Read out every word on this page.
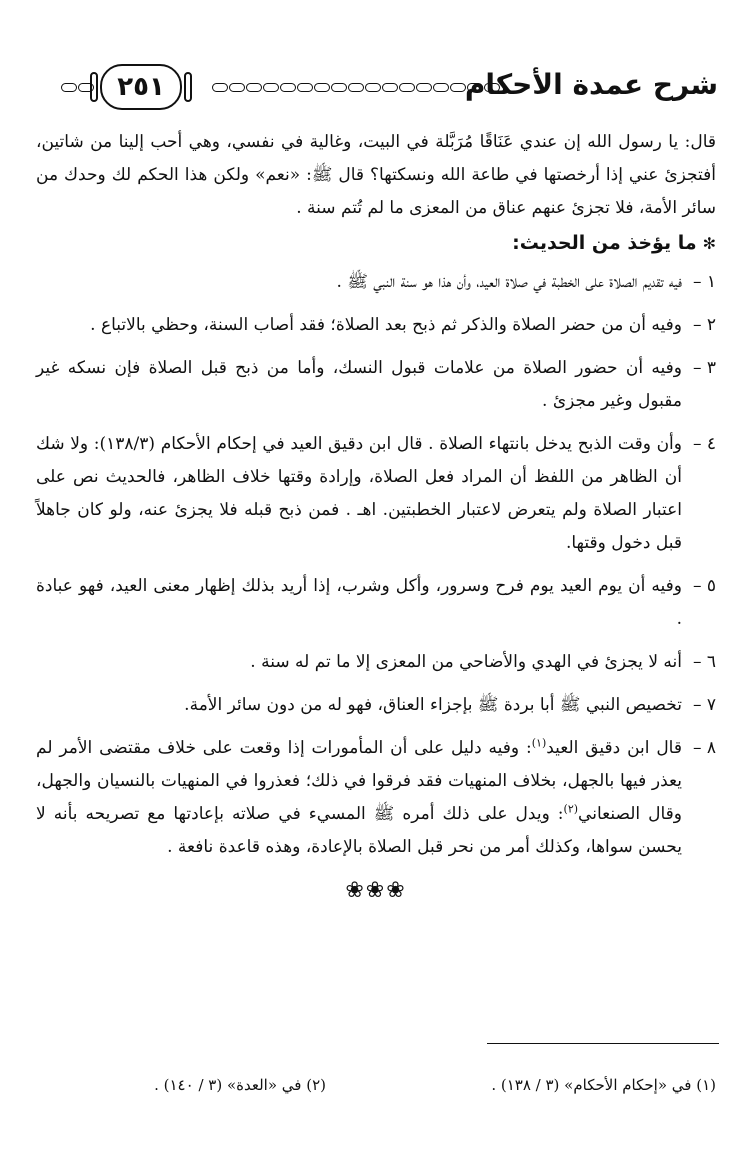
شرح عمدة الأحكام
٢٥١

قال: يا رسول الله إن عندي عَنَاقًا مُرَبَّلة في البيت، وغالية في نفسي، وهي أحب إلينا من شاتين، أفتجزئ عني إذا أرخصتها في طاعة الله ونسكتها؟ قال ﷺ: «نعم» ولكن هذا الحكم لك وحدك من سائر الأمة، فلا تجزئ عنهم عناق من المعزى ما لم تُتم سنة .

✻ما يؤخذ من الحديث:
١ –
فيه تقديم الصلاة على الخطبة في صلاة العيد، وأن هذا هو سنة النبي ﷺ .
٢ –
وفيه أن من حضر الصلاة والذكر ثم ذبح بعد الصلاة؛ فقد أصاب السنة، وحظي بالاتباع .
٣ –
وفيه أن حضور الصلاة من علامات قبول النسك، وأما من ذبح قبل الصلاة فإن نسكه غير مقبول وغير مجزئ .
٤ –
وأن وقت الذبح يدخل بانتهاء الصلاة . قال ابن دقيق العيد في إحكام الأحكام (١٣٨/٣): ولا شك أن الظاهر من اللفظ أن المراد فعل الصلاة، وإرادة وقتها خلاف الظاهر، فالحديث نص على اعتبار الصلاة ولم يتعرض لاعتبار الخطبتين. اهـ . فمن ذبح قبله فلا يجزئ عنه، ولو كان جاهلاً قبل دخول وقتها.
٥ –
وفيه أن يوم العيد يوم فرح وسرور، وأكل وشرب، إذا أريد بذلك إظهار معنى العيد، فهو عبادة .
٦ –
أنه لا يجزئ في الهدي والأضاحي من المعزى إلا ما تم له سنة .
٧ –
تخصيص النبي ﷺ أبا بردة ﷺ بإجزاء العناق، فهو له من دون سائر الأمة.
٨ –
قال ابن دقيق العيد$^{(١)}$: وفيه دليل على أن المأمورات إذا وقعت على خلاف مقتضى الأمر لم يعذر فيها بالجهل، بخلاف المنهيات فقد فرقوا في ذلك؛ فعذروا في المنهيات بالنسيان والجهل، وقال الصنعاني$^{(٢)}$: ويدل على ذلك أمره ﷺ المسيء في صلاته بإعادتها مع تصريحه بأنه لا يحسن سواها، وكذلك أمر من نحر قبل الصلاة بالإعادة، وهذه قاعدة نافعة .
❀❀❀
(١) في «إحكام الأحكام» (٣ / ١٣٨) .
(٢) في «العدة» (٣ / ١٤٠) .
